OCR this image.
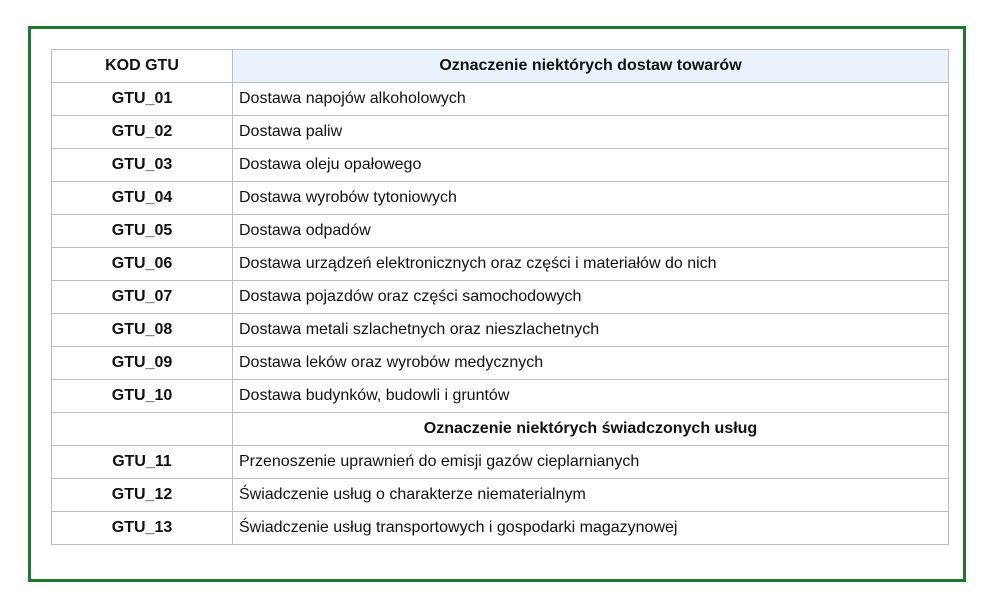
KOD GTU	Oznaczenie niektórych dostaw towarów
GTU_01	Dostawa napojów alkoholowych
GTU_02	Dostawa paliw
GTU_03	Dostawa oleju opałowego
GTU_04	Dostawa wyrobów tytoniowych
GTU_05	Dostawa odpadów
GTU_06	Dostawa urządzeń elektronicznych oraz części i materiałów do nich
GTU_07	Dostawa pojazdów oraz części samochodowych
GTU_08	Dostawa metali szlachetnych oraz nieszlachetnych
GTU_09	Dostawa leków oraz wyrobów medycznych
GTU_10	Dostawa budynków, budowli i gruntów
	Oznaczenie niektórych świadczonych usług
GTU_11	Przenoszenie uprawnień do emisji gazów cieplarnianych
GTU_12	Świadczenie usług o charakterze niematerialnym
GTU_13	Świadczenie usług transportowych i gospodarki magazynowej
